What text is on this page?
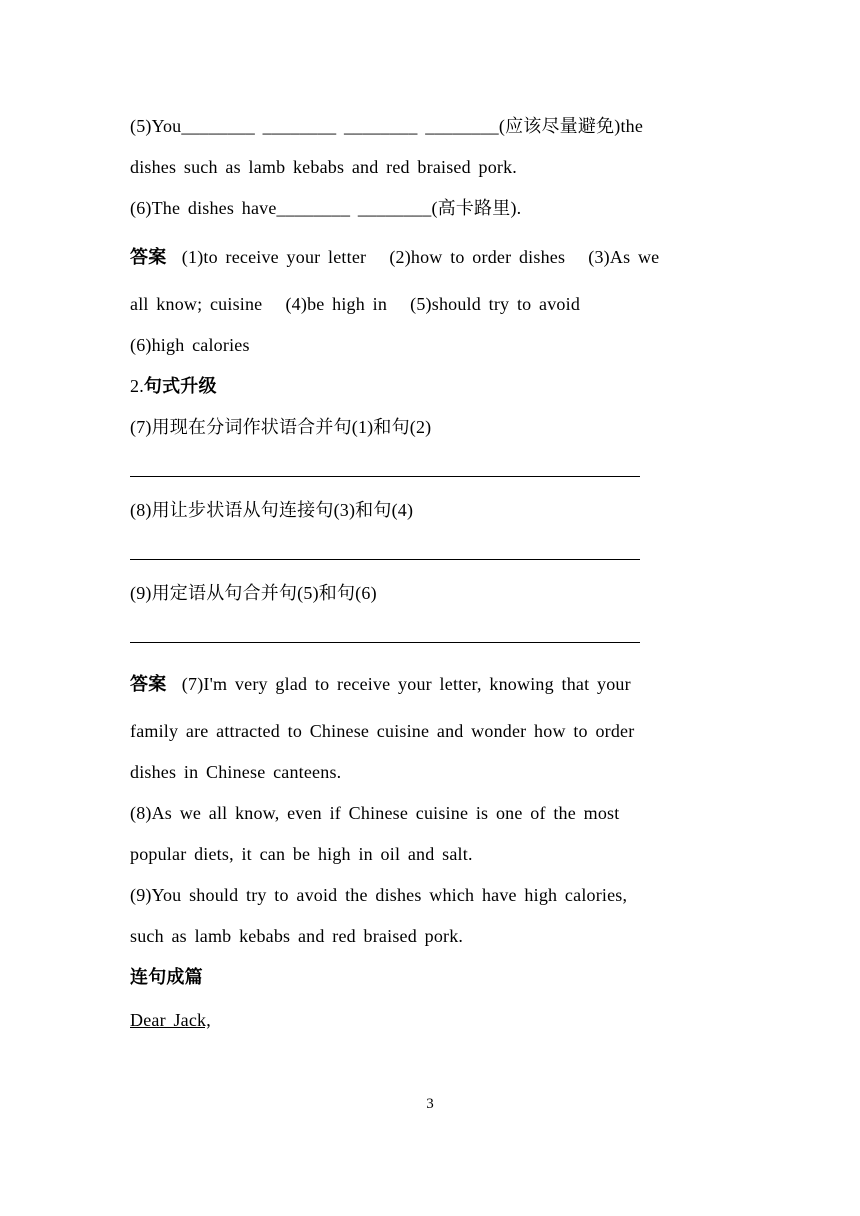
(5)You________ ________ ________ ________(应该尽量避免)the
dishes such as lamb kebabs and red braised pork.
(6)The dishes have________ ________(高卡路里).
答案  (1)to receive your letter   (2)how to order dishes   (3)As we
all know; cuisine   (4)be high in   (5)should try to avoid
(6)high calories
2.句式升级
(7)用现在分词作状语合并句(1)和句(2)
(8)用让步状语从句连接句(3)和句(4)
(9)用定语从句合并句(5)和句(6)
答案  (7)I'm very glad to receive your letter, knowing that your
family are attracted to Chinese cuisine and wonder how to order
dishes in Chinese canteens.
(8)As we all know, even if Chinese cuisine is one of the most
popular diets, it can be high in oil and salt.
(9)You should try to avoid the dishes which have high calories,
such as lamb kebabs and red braised pork.
连句成篇
Dear Jack,
3
